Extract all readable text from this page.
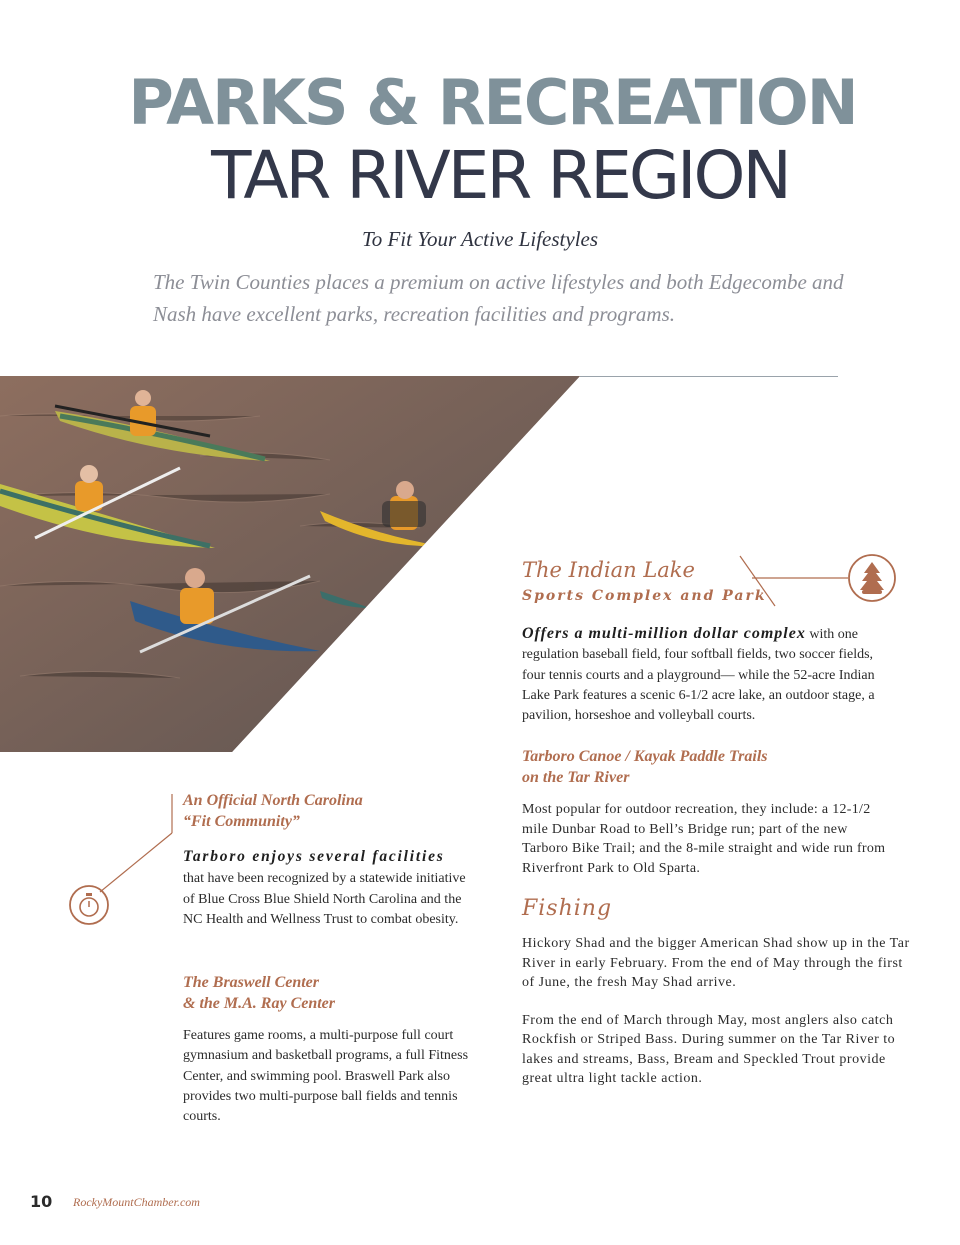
PARKS & RECREATION
TAR RIVER REGION
To Fit Your Active Lifestyles
The Twin Counties places a premium on active lifestyles and both Edgecombe and Nash have excellent parks, recreation facilities and programs.
The Indian Lake
Sports Complex and Park
Offers a multi-million dollar complex with one regulation baseball field, four softball fields, two soccer fields, four tennis courts and a playground— while the 52-acre Indian Lake Park features a scenic 6-1/2 acre lake, an outdoor stage, a pavilion, horseshoe and volleyball courts.
Tarboro Canoe / Kayak Paddle Trails
on the Tar River
Most popular for outdoor recreation, they include: a 12-1/2 mile Dunbar Road to Bell’s Bridge run; part of the new Tarboro Bike Trail; and the 8-mile straight and wide run from Riverfront Park to Old Sparta.
Fishing

Hickory Shad and the bigger American Shad show up in the Tar River in early February. From the end of May through the first of June, the fresh May Shad arrive.

From the end of March through May, most anglers also catch Rockfish or Striped Bass. During summer on the Tar River to lakes and streams, Bass, Bream and Speckled Trout provide great ultra light tackle action.

An Official North Carolina
“Fit Community”
Tarboro enjoys several facilities
that have been recognized by a statewide initiative of Blue Cross Blue Shield North Carolina and the NC Health and Wellness Trust to combat obesity.
The Braswell Center
& the M.A. Ray Center
Features game rooms, a multi-purpose full court gymnasium and basketball programs, a full Fitness Center, and swimming pool. Braswell Park also provides two multi-purpose ball fields and tennis courts.
10 RockyMountChamber.com
